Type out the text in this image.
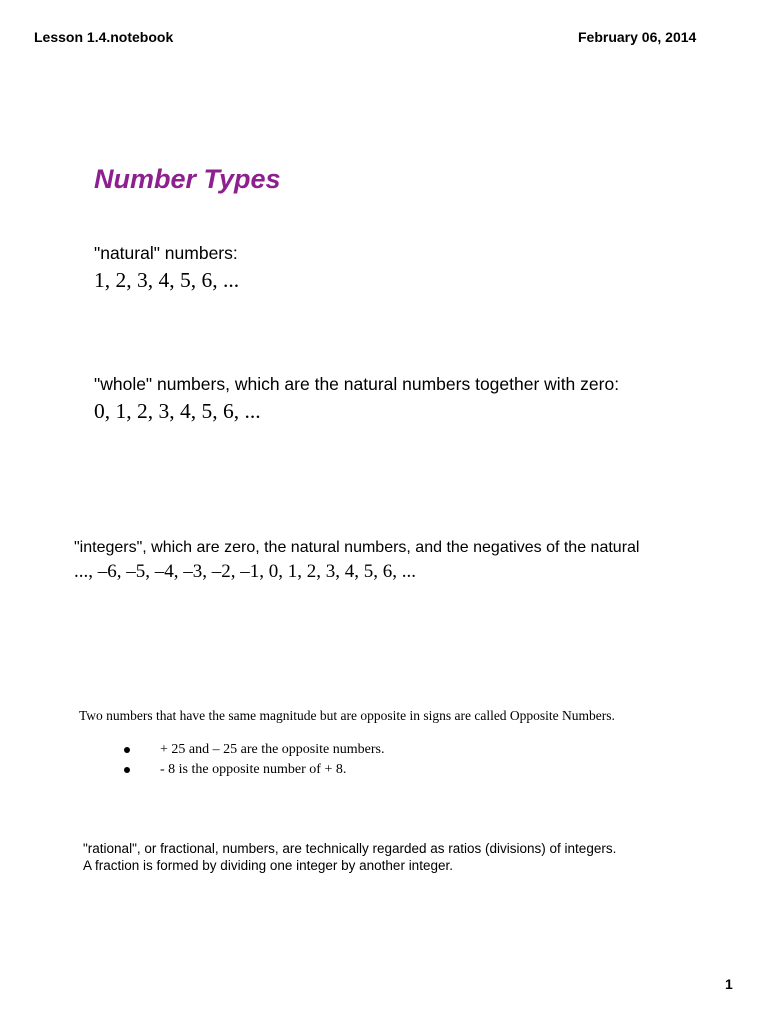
Lesson 1.4.notebook	February 06, 2014
Number Types
"natural" numbers:
1, 2, 3, 4, 5, 6, ...
"whole" numbers, which are the natural numbers together with zero:
0, 1, 2, 3, 4, 5, 6, ...
"integers", which are zero, the natural numbers, and the negatives of the natural
..., –6, –5, –4, –3, –2, –1, 0, 1, 2, 3, 4, 5, 6, ...
Two numbers that have the same magnitude but are opposite in signs are called Opposite Numbers.
+ 25 and – 25 are the opposite numbers.
- 8 is the opposite number of + 8.
"rational", or fractional, numbers, are technically regarded as ratios (divisions) of integers.
A fraction is formed by dividing one integer by another integer.
1
